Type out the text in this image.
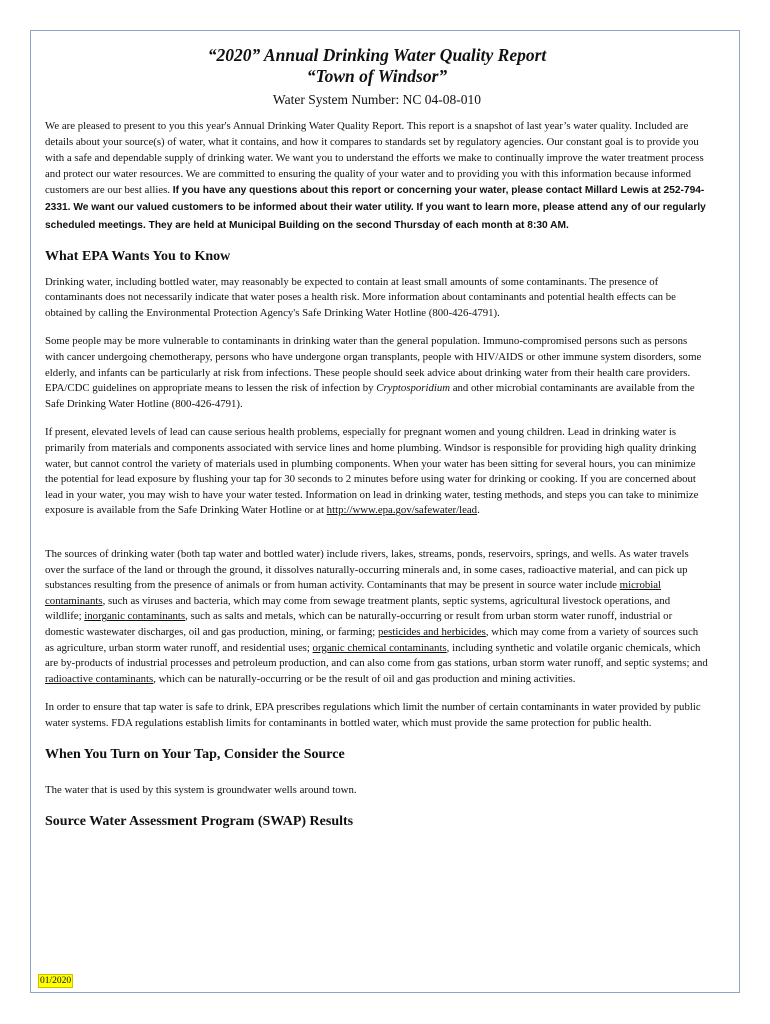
“2020” Annual Drinking Water Quality Report
“Town of Windsor”
Water System Number: NC 04-08-010

We are pleased to present to you this year's Annual Drinking Water Quality Report. This report is a snapshot of last year’s water quality. Included are details about your source(s) of water, what it contains, and how it compares to standards set by regulatory agencies. Our constant goal is to provide you with a safe and dependable supply of drinking water. We want you to understand the efforts we make to continually improve the water treatment process and protect our water resources. We are committed to ensuring the quality of your water and to providing you with this information because informed customers are our best allies. If you have any questions about this report or concerning your water, please contact Millard Lewis at 252-794-2331. We want our valued customers to be informed about their water utility. If you want to learn more, please attend any of our regularly scheduled meetings. They are held at Municipal Building on the second Thursday of each month at 8:30 AM.

What EPA Wants You to Know

Drinking water, including bottled water, may reasonably be expected to contain at least small amounts of some contaminants. The presence of contaminants does not necessarily indicate that water poses a health risk. More information about contaminants and potential health effects can be obtained by calling the Environmental Protection Agency's Safe Drinking Water Hotline (800-426-4791).

Some people may be more vulnerable to contaminants in drinking water than the general population. Immuno-compromised persons such as persons with cancer undergoing chemotherapy, persons who have undergone organ transplants, people with HIV/AIDS or other immune system disorders, some elderly, and infants can be particularly at risk from infections. These people should seek advice about drinking water from their health care providers. EPA/CDC guidelines on appropriate means to lessen the risk of infection by Cryptosporidium and other microbial contaminants are available from the Safe Drinking Water Hotline (800-426-4791).

If present, elevated levels of lead can cause serious health problems, especially for pregnant women and young children. Lead in drinking water is primarily from materials and components associated with service lines and home plumbing. Windsor is responsible for providing high quality drinking water, but cannot control the variety of materials used in plumbing components. When your water has been sitting for several hours, you can minimize the potential for lead exposure by flushing your tap for 30 seconds to 2 minutes before using water for drinking or cooking. If you are concerned about lead in your water, you may wish to have your water tested. Information on lead in drinking water, testing methods, and steps you can take to minimize exposure is available from the Safe Drinking Water Hotline or at http://www.epa.gov/safewater/lead.

The sources of drinking water (both tap water and bottled water) include rivers, lakes, streams, ponds, reservoirs, springs, and wells. As water travels over the surface of the land or through the ground, it dissolves naturally-occurring minerals and, in some cases, radioactive material, and can pick up substances resulting from the presence of animals or from human activity. Contaminants that may be present in source water include microbial contaminants, such as viruses and bacteria, which may come from sewage treatment plants, septic systems, agricultural livestock operations, and wildlife; inorganic contaminants, such as salts and metals, which can be naturally-occurring or result from urban storm water runoff, industrial or domestic wastewater discharges, oil and gas production, mining, or farming; pesticides and herbicides, which may come from a variety of sources such as agriculture, urban storm water runoff, and residential uses; organic chemical contaminants, including synthetic and volatile organic chemicals, which are by-products of industrial processes and petroleum production, and can also come from gas stations, urban storm water runoff, and septic systems; and radioactive contaminants, which can be naturally-occurring or be the result of oil and gas production and mining activities.

In order to ensure that tap water is safe to drink, EPA prescribes regulations which limit the number of certain contaminants in water provided by public water systems. FDA regulations establish limits for contaminants in bottled water, which must provide the same protection for public health.

When You Turn on Your Tap, Consider the Source

The water that is used by this system is groundwater wells around town.

Source Water Assessment Program (SWAP) Results
01/2020
